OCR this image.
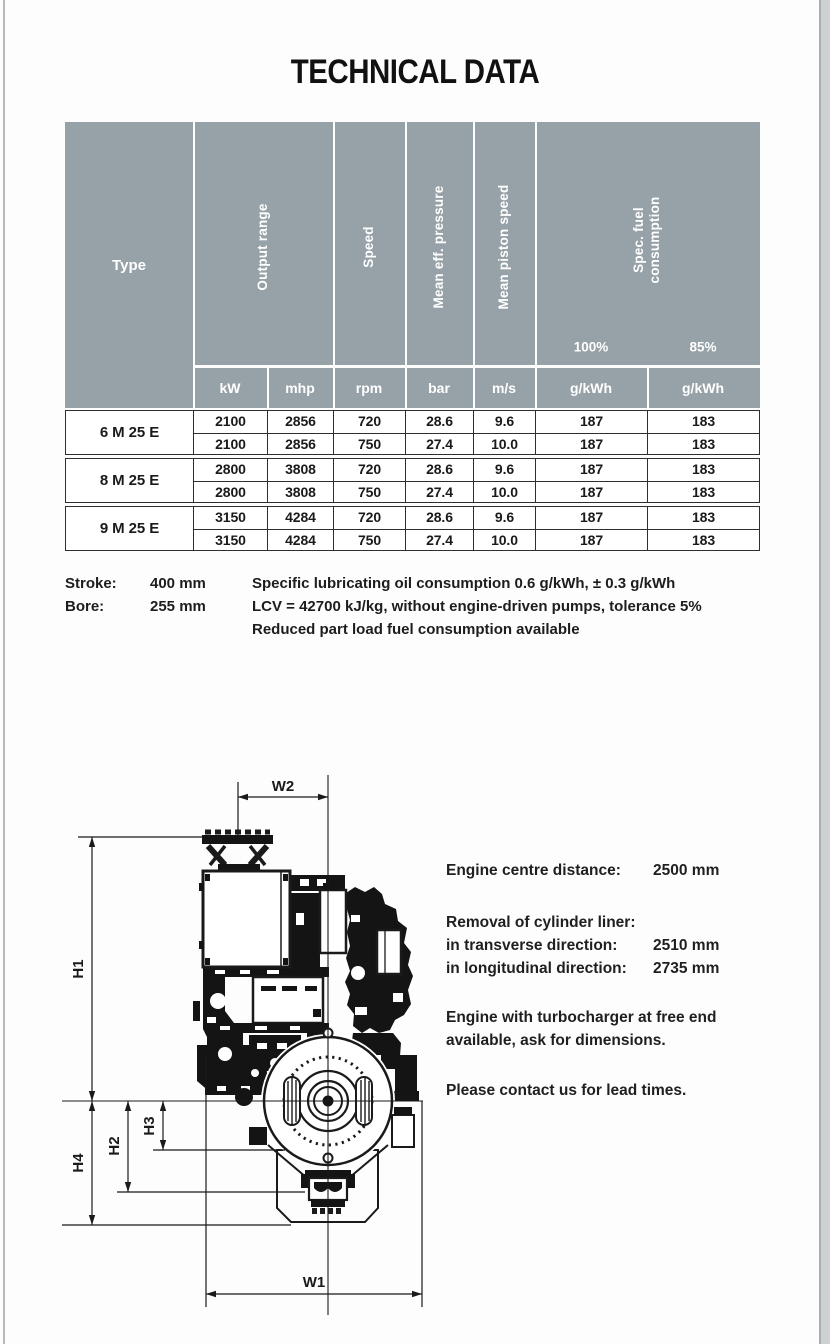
TECHNICAL DATA
Type	Output range	Speed	Mean eff. pressure	Mean piston speed	Spec. fuel consumption
100%	85%
kW	mhp	rpm	bar	m/s	g/kWh	g/kWh
6 M 25 E
2100	2856	720	28.6	9.6	187	183
2100	2856	750	27.4	10.0	187	183
8 M 25 E
2800	3808	720	28.6	9.6	187	183
2800	3808	750	27.4	10.0	187	183
9 M 25 E
3150	4284	720	28.6	9.6	187	183
3150	4284	750	27.4	10.0	187	183
Stroke:	400 mm
Bore:	255 mm
Specific lubricating oil consumption 0.6 g/kWh, ± 0.3 g/kWh
LCV = 42700 kJ/kg, without engine-driven pumps, tolerance 5%
Reduced part load fuel consumption available
W2
H1
H2
H3
H4
W1
Engine centre distance:	2500 mm
Removal of cylinder liner:
in transverse direction:	2510 mm
in longitudinal direction:	2735 mm
Engine with turbocharger at free end
available, ask for dimensions.
Please contact us for lead times.
